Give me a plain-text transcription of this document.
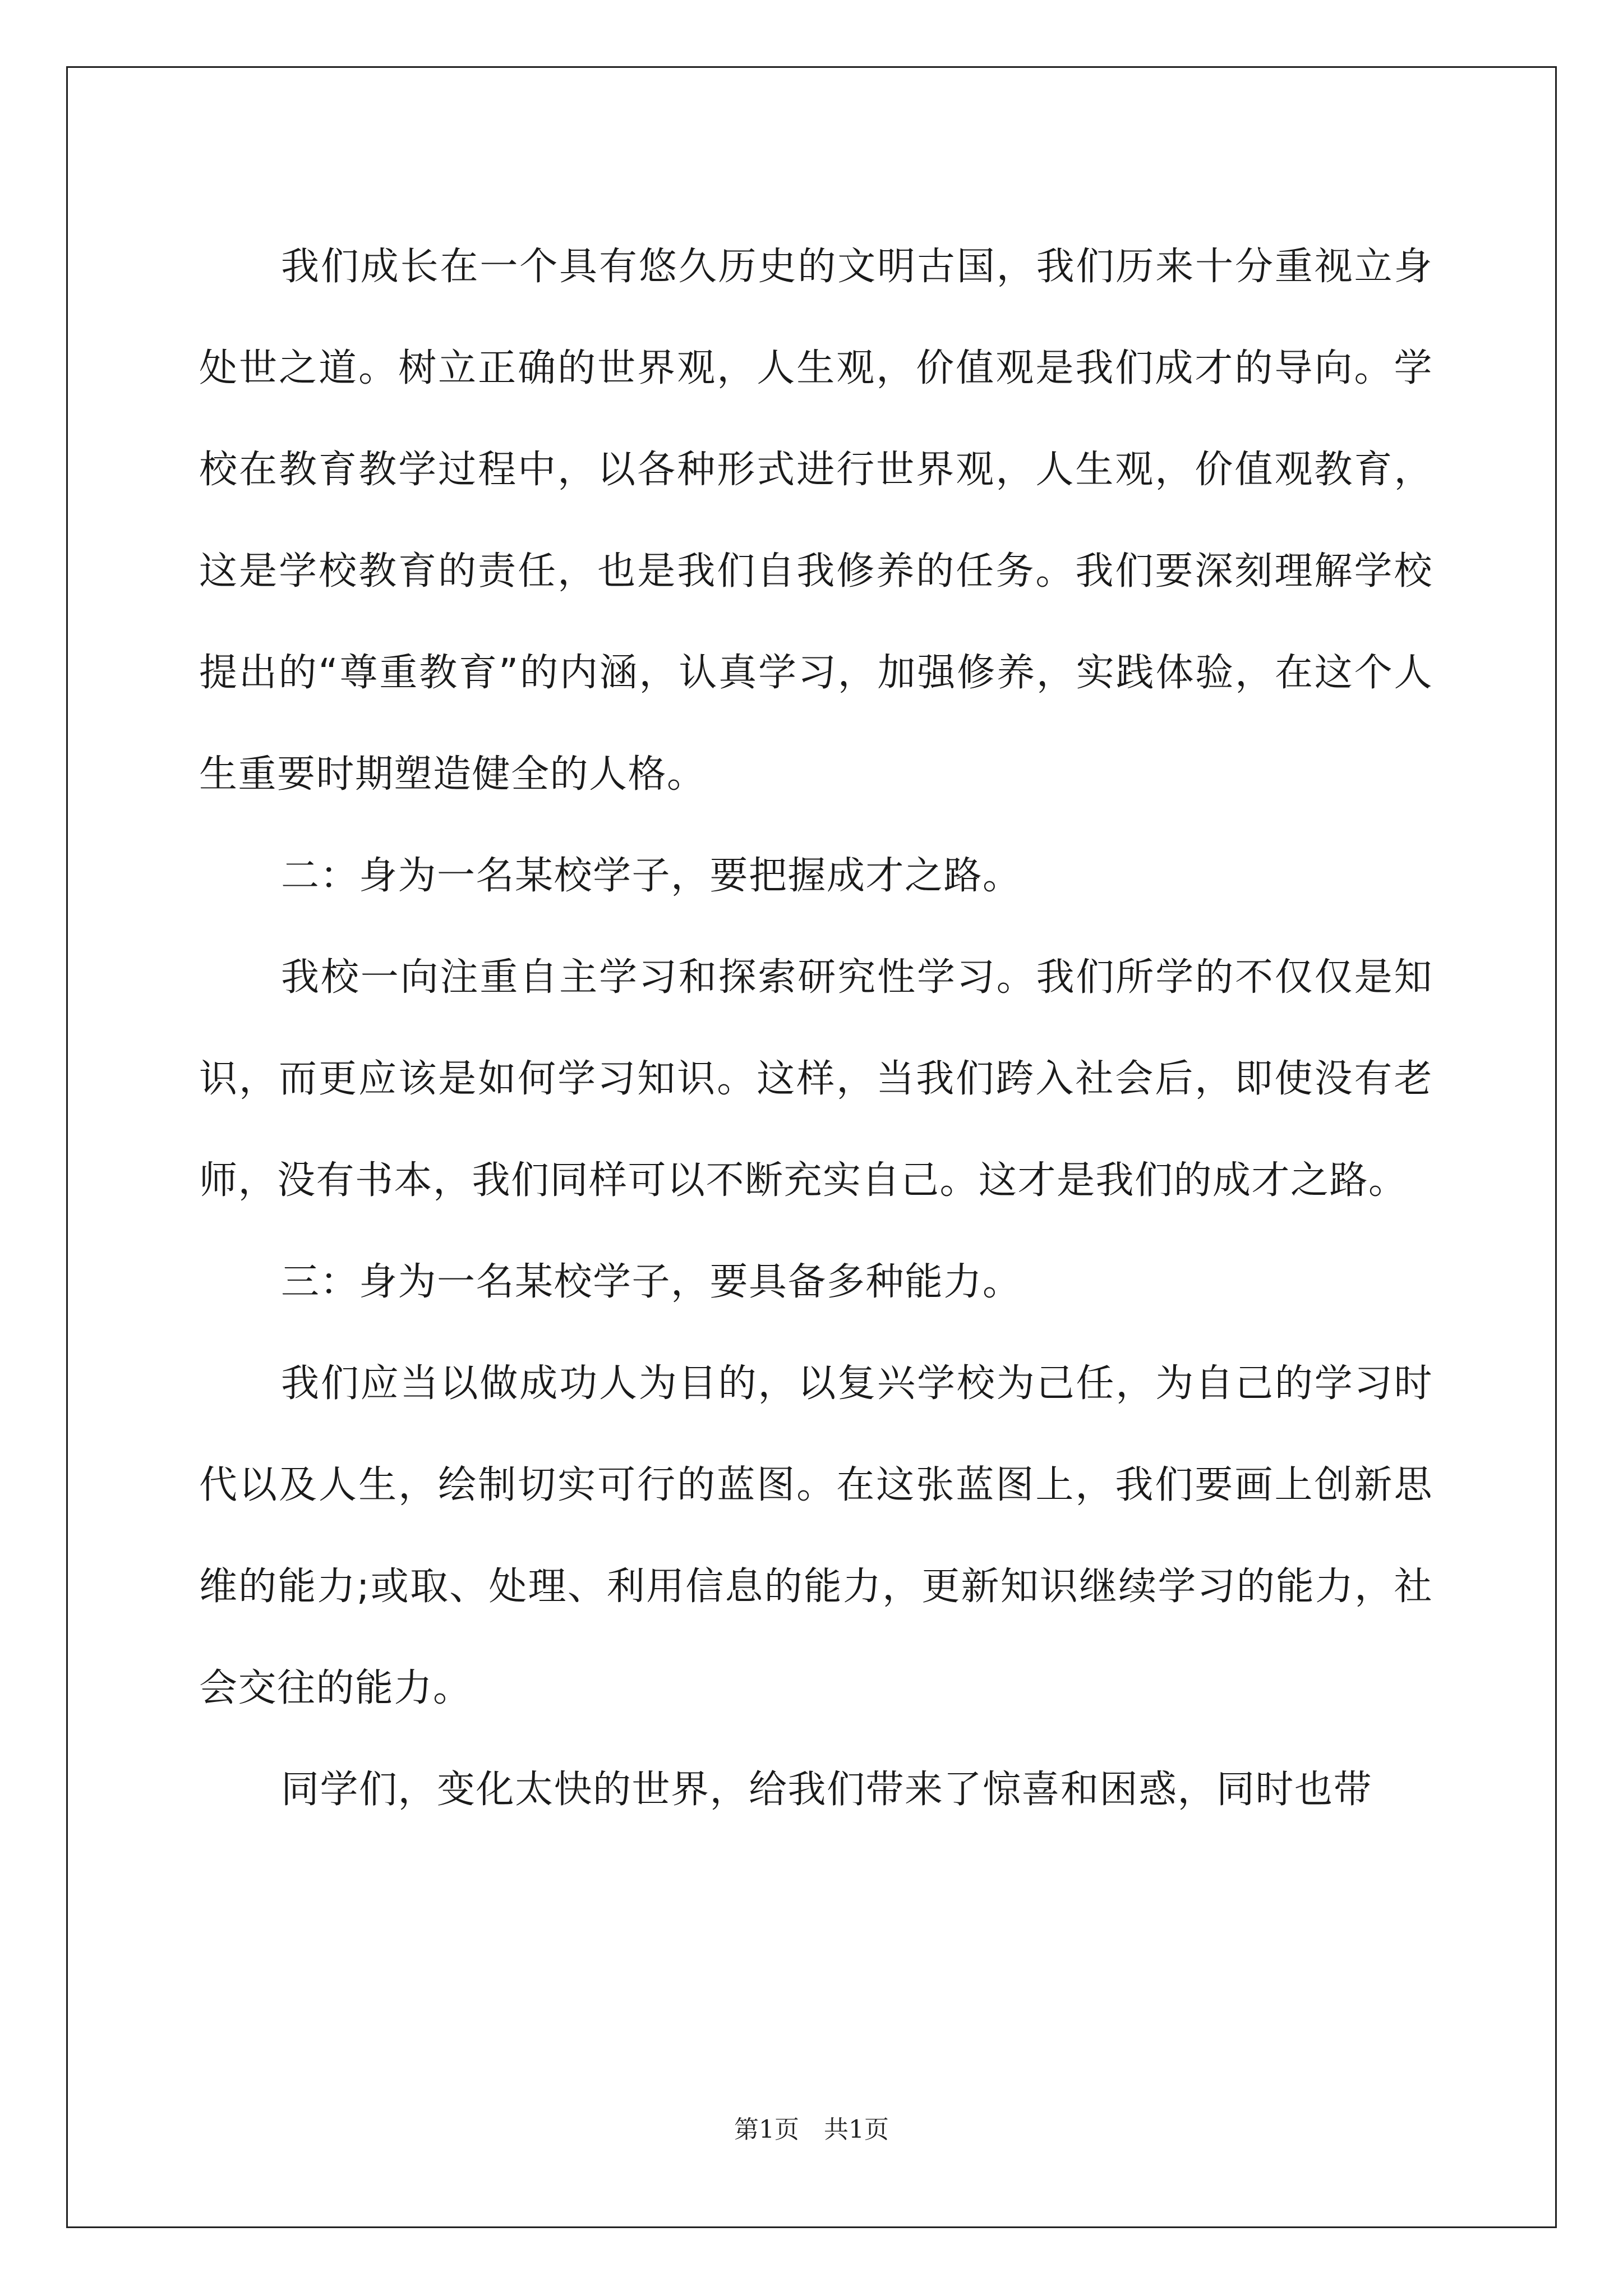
我们成长在一个具有悠久历史的文明古国，我们历来十分重视立身处世之道。树立正确的世界观，人生观，价值观是我们成才的导向。学校在教育教学过程中，以各种形式进行世界观，人生观，价值观教育，这是学校教育的责任，也是我们自我修养的任务。我们要深刻理解学校提出的“尊重教育”的内涵，认真学习，加强修养，实践体验，在这个人生重要时期塑造健全的人格。

二：身为一名某校学子，要把握成才之路。

我校一向注重自主学习和探索研究性学习。我们所学的不仅仅是知识，而更应该是如何学习知识。这样，当我们跨入社会后，即使没有老师，没有书本，我们同样可以不断充实自己。这才是我们的成才之路。

三：身为一名某校学子，要具备多种能力。

我们应当以做成功人为目的，以复兴学校为己任，为自己的学习时代以及人生，绘制切实可行的蓝图。在这张蓝图上，我们要画上创新思维的能力;或取、处理、利用信息的能力，更新知识继续学习的能力，社会交往的能力。

同学们，变化太快的世界，给我们带来了惊喜和困惑，同时也带

第1页　共1页
